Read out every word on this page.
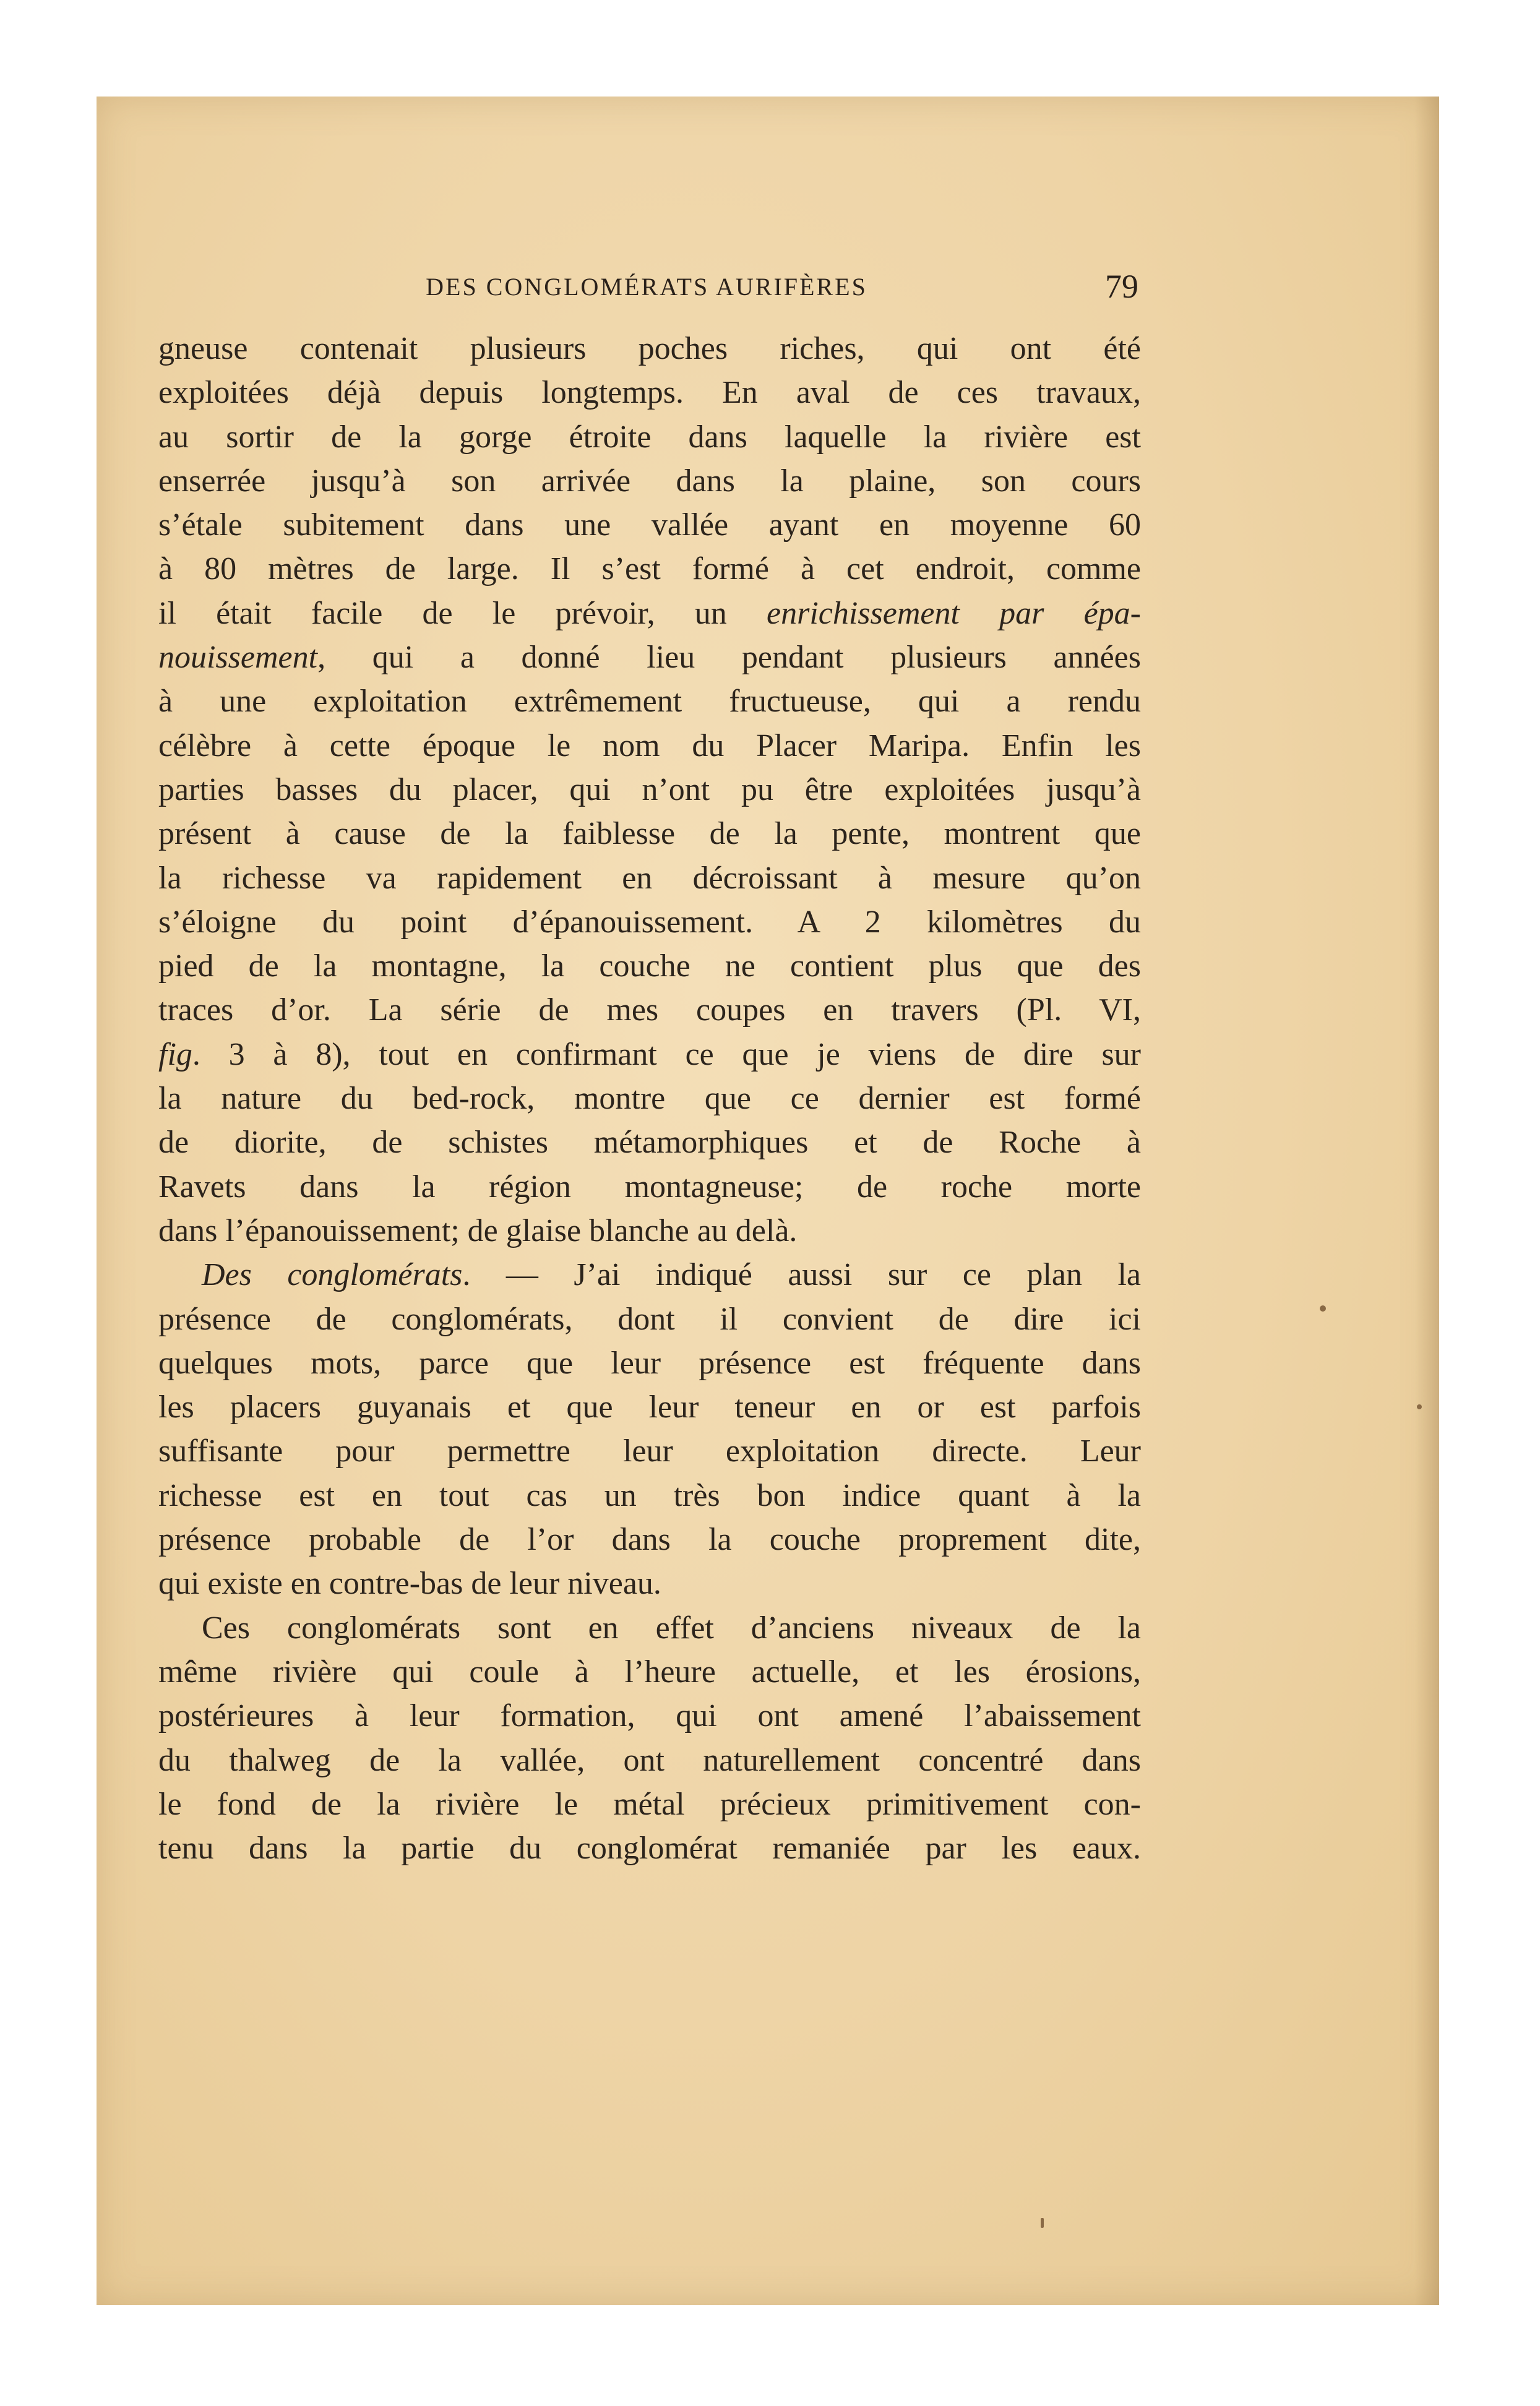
DES CONGLOMÉRATS AURIFÈRES	79
gneuse contenait plusieurs poches riches, qui ont été
exploitées déjà depuis longtemps. En aval de ces travaux,
au sortir de la gorge étroite dans laquelle la rivière est
enserrée jusqu’à son arrivée dans la plaine, son cours
s’étale subitement dans une vallée ayant en moyenne 60
à 80 mètres de large. Il s’est formé à cet endroit, comme
il était facile de le prévoir, un enrichissement par épa-
nouissement, qui a donné lieu pendant plusieurs années
à une exploitation extrêmement fructueuse, qui a rendu
célèbre à cette époque le nom du Placer Maripa. Enfin les
parties basses du placer, qui n’ont pu être exploitées jusqu’à
présent à cause de la faiblesse de la pente, montrent que
la richesse va rapidement en décroissant à mesure qu’on
s’éloigne du point d’épanouissement. A 2 kilomètres du
pied de la montagne, la couche ne contient plus que des
traces d’or. La série de mes coupes en travers (Pl. VI,
fig. 3 à 8), tout en confirmant ce que je viens de dire sur
la nature du bed-rock, montre que ce dernier est formé
de diorite, de schistes métamorphiques et de Roche à
Ravets dans la région montagneuse; de roche morte
dans l’épanouissement; de glaise blanche au delà.
Des conglomérats. — J’ai indiqué aussi sur ce plan la
présence de conglomérats, dont il convient de dire ici
quelques mots, parce que leur présence est fréquente dans
les placers guyanais et que leur teneur en or est parfois
suffisante pour permettre leur exploitation directe. Leur
richesse est en tout cas un très bon indice quant à la
présence probable de l’or dans la couche proprement dite,
qui existe en contre-bas de leur niveau.
Ces conglomérats sont en effet d’anciens niveaux de la
même rivière qui coule à l’heure actuelle, et les érosions,
postérieures à leur formation, qui ont amené l’abaissement
du thalweg de la vallée, ont naturellement concentré dans
le fond de la rivière le métal précieux primitivement con-
tenu dans la partie du conglomérat remaniée par les eaux.
